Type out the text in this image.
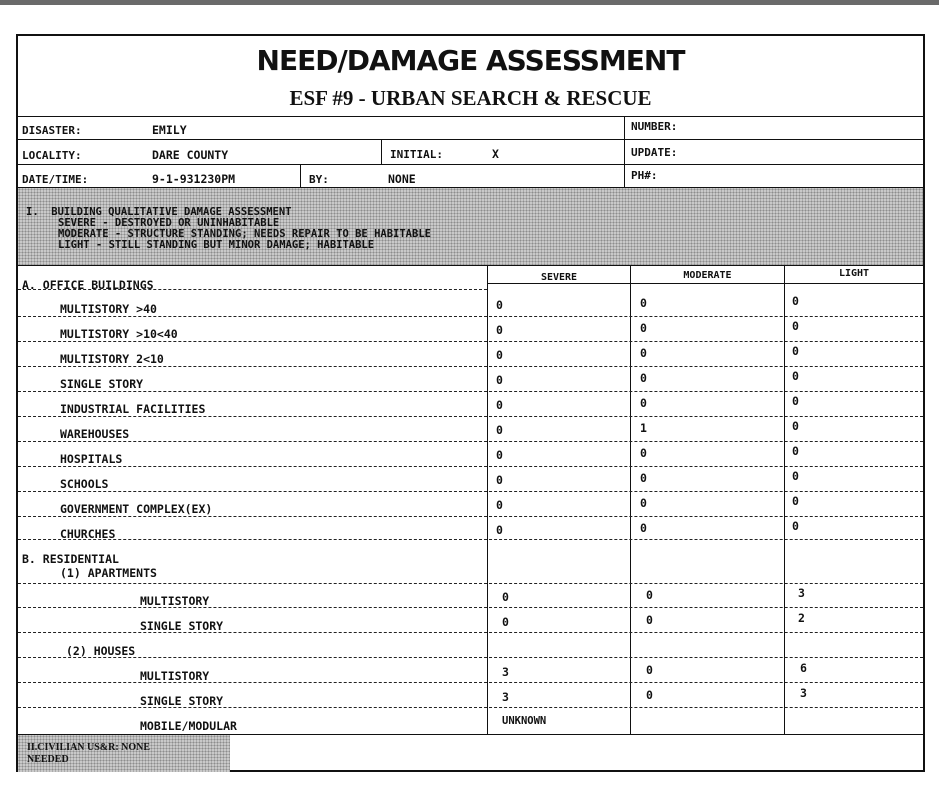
NEED/DAMAGE ASSESSMENT
ESF #9 - URBAN SEARCH & RESCUE
DISASTER:	EMILY	NUMBER:
LOCALITY:	DARE COUNTY	INITIAL:	X	UPDATE:
DATE/TIME:	9-1-931230PM	BY:	NONE	PH#:
I.  BUILDING QUALITATIVE DAMAGE ASSESSMENT
SEVERE - DESTROYED OR UNINHABITABLE
MODERATE - STRUCTURE STANDING; NEEDS REPAIR TO BE HABITABLE
LIGHT - STILL STANDING BUT MINOR DAMAGE; HABITABLE
SEVERE	MODERATE	LIGHT
A. OFFICE BUILDINGS
MULTISTORY >40	0	0	0
MULTISTORY >10<40	0	0	0
MULTISTORY 2<10	0	0	0
SINGLE STORY	0	0	0
INDUSTRIAL FACILITIES	0	0	0
WAREHOUSES	0	1	0
HOSPITALS	0	0	0
SCHOOLS	0	0	0
GOVERNMENT COMPLEX(EX)	0	0	0
CHURCHES	0	0	0
B. RESIDENTIAL
(1) APARTMENTS
MULTISTORY	0	0	3
SINGLE STORY	0	0	2
(2) HOUSES
MULTISTORY	3	0	6
SINGLE STORY	3	0	3
MOBILE/MODULAR	UNKNOWN
II.CIVILIAN US&R: NONE
NEEDED
